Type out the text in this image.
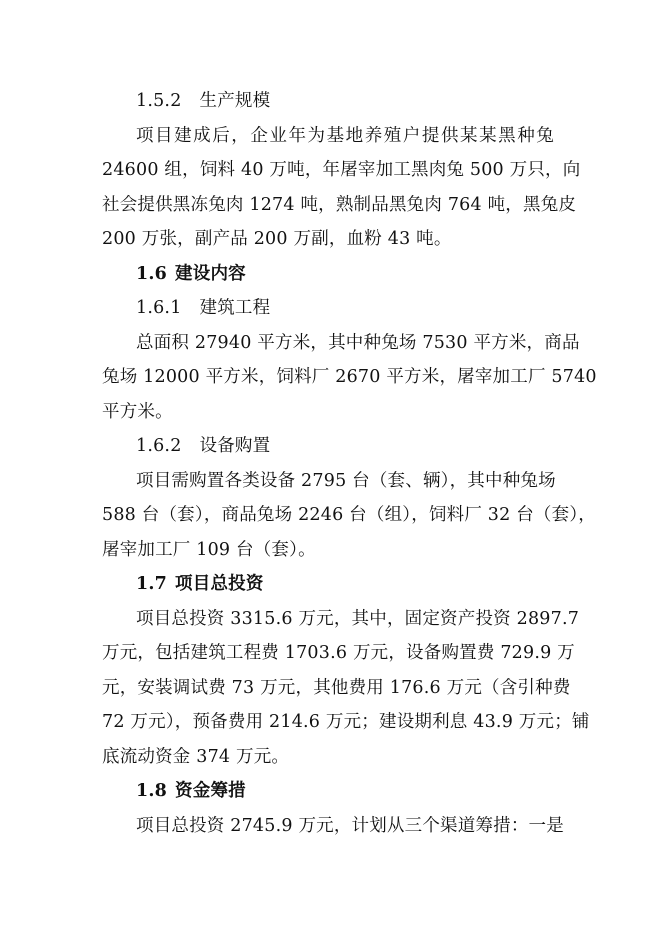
1.5.2 生产规模
项目建成后，企业年为基地养殖户提供某某黑种兔
24600 组，饲料 40 万吨，年屠宰加工黑肉兔 500 万只，向
社会提供黑冻兔肉 1274 吨，熟制品黑兔肉 764 吨，黑兔皮
200 万张，副产品 200 万副，血粉 43 吨。
1.6 建设内容
1.6.1 建筑工程
总面积 27940 平方米，其中种兔场 7530 平方米，商品
兔场 12000 平方米，饲料厂 2670 平方米，屠宰加工厂 5740
平方米。
1.6.2 设备购置
项目需购置各类设备 2795 台（套、辆），其中种兔场
588 台（套），商品兔场 2246 台（组），饲料厂 32 台（套），
屠宰加工厂 109 台（套）。
1.7 项目总投资
项目总投资 3315.6 万元，其中，固定资产投资 2897.7
万元，包括建筑工程费 1703.6 万元，设备购置费 729.9 万
元，安装调试费 73 万元，其他费用 176.6 万元（含引种费
72 万元），预备费用 214.6 万元；建设期利息 43.9 万元；铺
底流动资金 374 万元。
1.8 资金筹措
项目总投资 2745.9 万元，计划从三个渠道筹措：一是
